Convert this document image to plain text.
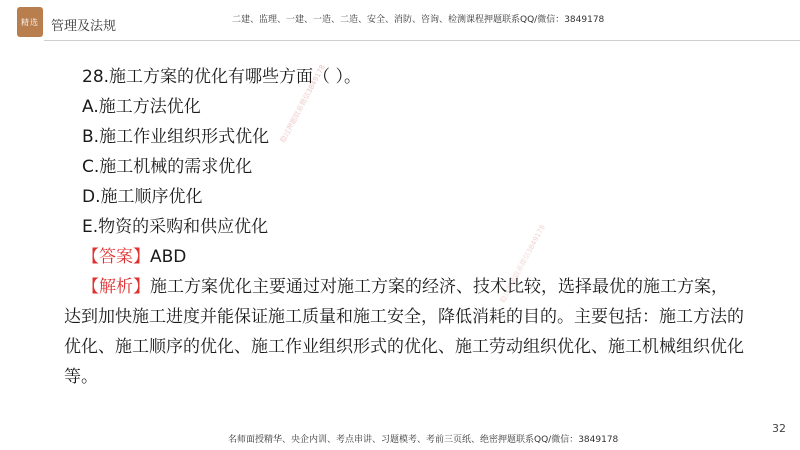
精选 管理及法规	二建、监理、一建、一造、二造、安全、消防、咨询、检测课程押题联系QQ/微信：3849178
稳过押题联系微信3849178
稳过押题联系微信3849178
28.施工方案的优化有哪些方面（ ）。
A.施工方法优化
B.施工作业组织形式优化
C.施工机械的需求优化
D.施工顺序优化
E.物资的采购和供应优化
【答案】ABD
【解析】施工方案优化主要通过对施工方案的经济、技术比较，选择最优的施工方案，
达到加快施工进度并能保证施工质量和施工安全，降低消耗的目的。主要包括：施工方法的
优化、施工顺序的优化、施工作业组织形式的优化、施工劳动组织优化、施工机械组织优化
等。
32
名师面授精华、央企内训、考点串讲、习题模考、考前三页纸、绝密押题联系QQ/微信：3849178
